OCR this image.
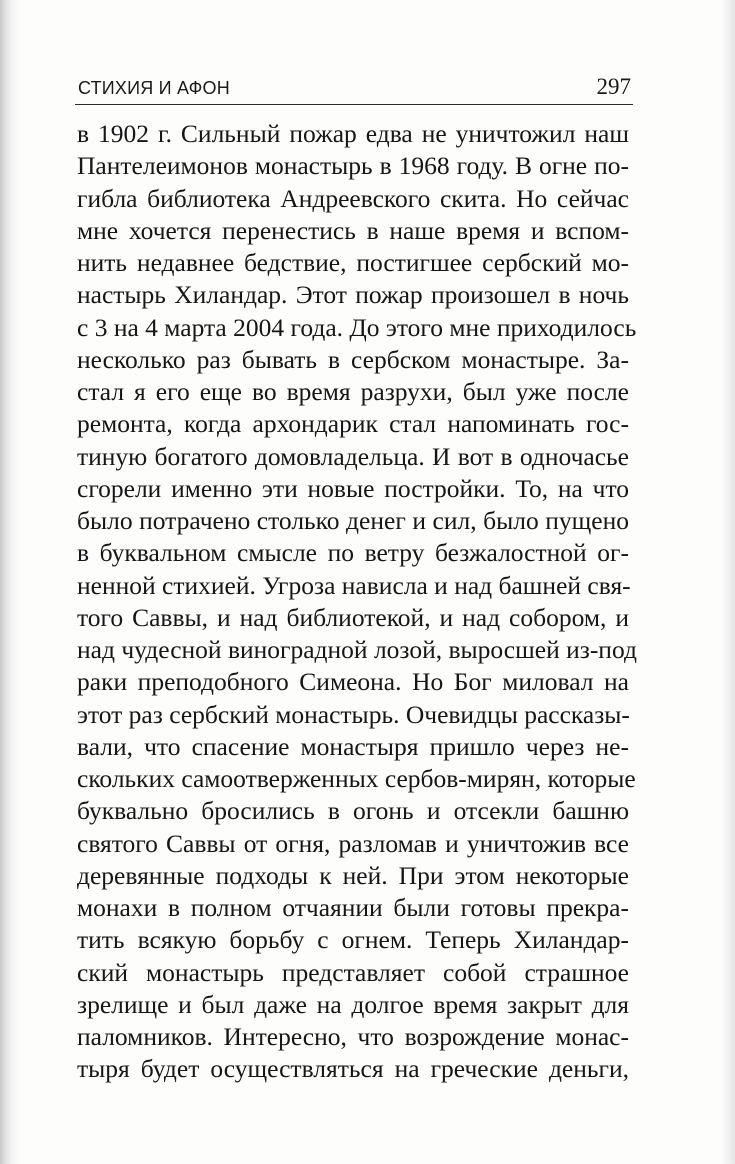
СТИХИЯ И АФОН	297
в 1902 г. Сильный пожар едва не уничтожил наш
Пантелеимонов монастырь в 1968 году. В огне по-
гибла библиотека Андреевского скита. Но сейчас
мне хочется перенестись в наше время и вспом-
нить недавнее бедствие, постигшее сербский мо-
настырь Хиландар. Этот пожар произошел в ночь
с 3 на 4 марта 2004 года. До этого мне приходилось
несколько раз бывать в сербском монастыре. За-
стал я его еще во время разрухи, был уже после
ремонта, когда архондарик стал напоминать гос-
тиную богатого домовладельца. И вот в одночасье
сгорели именно эти новые постройки. То, на что
было потрачено столько денег и сил, было пущено
в буквальном смысле по ветру безжалостной ог-
ненной стихией. Угроза нависла и над башней свя-
того Саввы, и над библиотекой, и над собором, и
над чудесной виноградной лозой, выросшей из-под
раки преподобного Симеона. Но Бог миловал на
этот раз сербский монастырь. Очевидцы рассказы-
вали, что спасение монастыря пришло через не-
скольких самоотверженных сербов-мирян, которые
буквально бросились в огонь и отсекли башню
святого Саввы от огня, разломав и уничтожив все
деревянные подходы к ней. При этом некоторые
монахи в полном отчаянии были готовы прекра-
тить всякую борьбу с огнем. Теперь Хиландар-
ский монастырь представляет собой страшное
зрелище и был даже на долгое время закрыт для
паломников. Интересно, что возрождение монас-
тыря будет осуществляться на греческие деньги,
